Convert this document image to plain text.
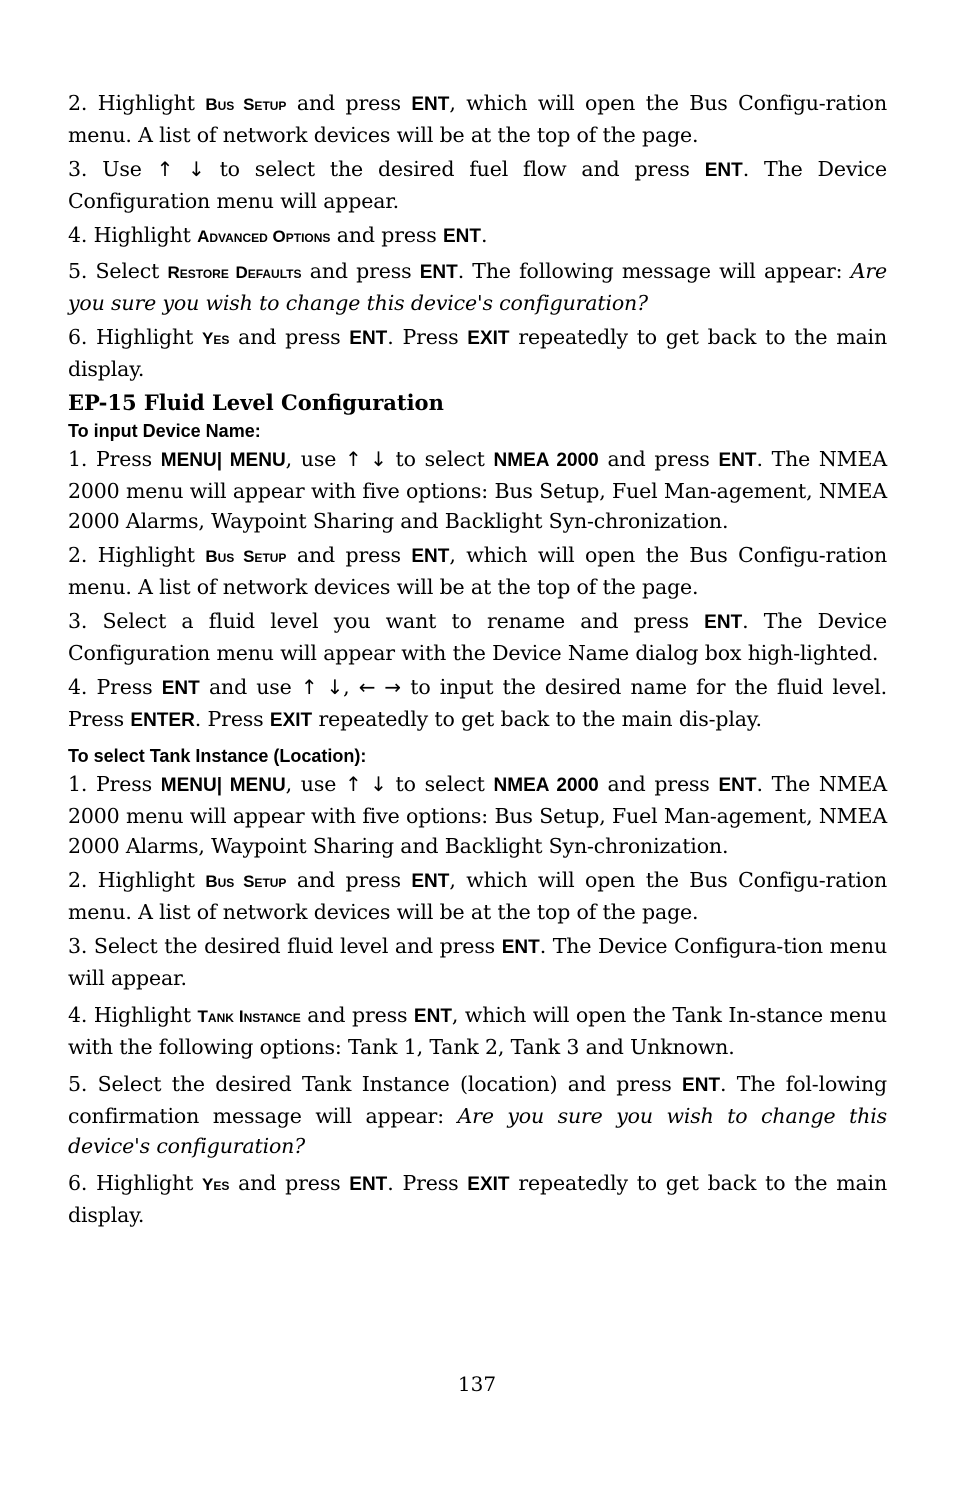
2. Highlight Bus Setup and press ENT, which will open the Bus Configu-ration menu. A list of network devices will be at the top of the page.

3. Use ↑ ↓ to select the desired fuel flow and press ENT. The Device Configuration menu will appear.

4. Highlight Advanced Options and press ENT.

5. Select Restore Defaults and press ENT. The following message will appear: Are you sure you wish to change this device's configuration?

6. Highlight Yes and press ENT. Press EXIT repeatedly to get back to the main display.

EP-15 Fluid Level Configuration
To input Device Name:

1. Press MENU| MENU, use ↑ ↓ to select NMEA 2000 and press ENT. The NMEA 2000 menu will appear with five options: Bus Setup, Fuel Man-agement, NMEA 2000 Alarms, Waypoint Sharing and Backlight Syn-chronization.

2. Highlight Bus Setup and press ENT, which will open the Bus Configu-ration menu. A list of network devices will be at the top of the page.

3. Select a fluid level you want to rename and press ENT. The Device Configuration menu will appear with the Device Name dialog box high-lighted.

4. Press ENT and use ↑ ↓, ← → to input the desired name for the fluid level. Press ENTER. Press EXIT repeatedly to get back to the main dis-play.

To select Tank Instance (Location):

1. Press MENU| MENU, use ↑ ↓ to select NMEA 2000 and press ENT. The NMEA 2000 menu will appear with five options: Bus Setup, Fuel Man-agement, NMEA 2000 Alarms, Waypoint Sharing and Backlight Syn-chronization.

2. Highlight Bus Setup and press ENT, which will open the Bus Configu-ration menu. A list of network devices will be at the top of the page.

3. Select the desired fluid level and press ENT. The Device Configura-tion menu will appear.

4. Highlight Tank Instance and press ENT, which will open the Tank In-stance menu with the following options: Tank 1, Tank 2, Tank 3 and Unknown.

5. Select the desired Tank Instance (location) and press ENT. The fol-lowing confirmation message will appear: Are you sure you wish to change this device's configuration?

6. Highlight Yes and press ENT. Press EXIT repeatedly to get back to the main display.

137
